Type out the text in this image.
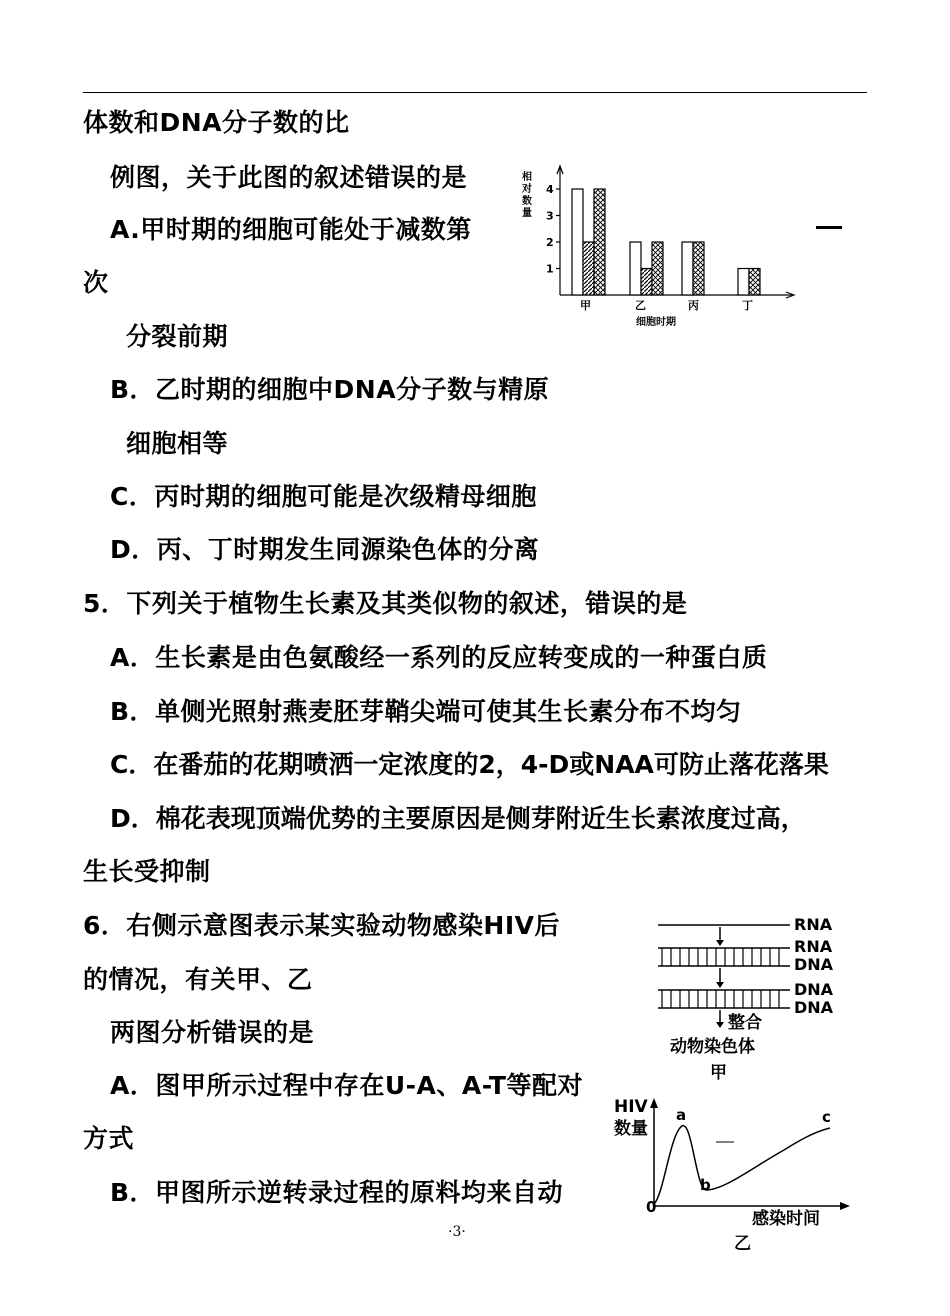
体数和DNA分子数的比
例图，关于此图的叙述错误的是
A.甲时期的细胞可能处于减数第
次
分裂前期
B．乙时期的细胞中DNA分子数与精原
细胞相等
C．丙时期的细胞可能是次级精母细胞
D．丙、丁时期发生同源染色体的分离
5．下列关于植物生长素及其类似物的叙述，错误的是
A．生长素是由色氨酸经一系列的反应转变成的一种蛋白质
B．单侧光照射燕麦胚芽鞘尖端可使其生长素分布不均匀
C．在番茄的花期喷洒一定浓度的2，4-D或NAA可防止落花落果
D．棉花表现顶端优势的主要原因是侧芽附近生长素浓度过高，
生长受抑制
6．右侧示意图表示某实验动物感染HIV后
的情况，有关甲、乙
两图分析错误的是
A．图甲所示过程中存在U-A、A-T等配对
方式
B．甲图所示逆转录过程的原料均来自动
·3·
相
对
数
量
1
2
3
4
甲	乙	丙	丁
细胞时期
RNA
RNA
DNA
DNA
DNA
整合
动物染色体
甲
HIV
数量
感染时间
乙
0
a
b
c
